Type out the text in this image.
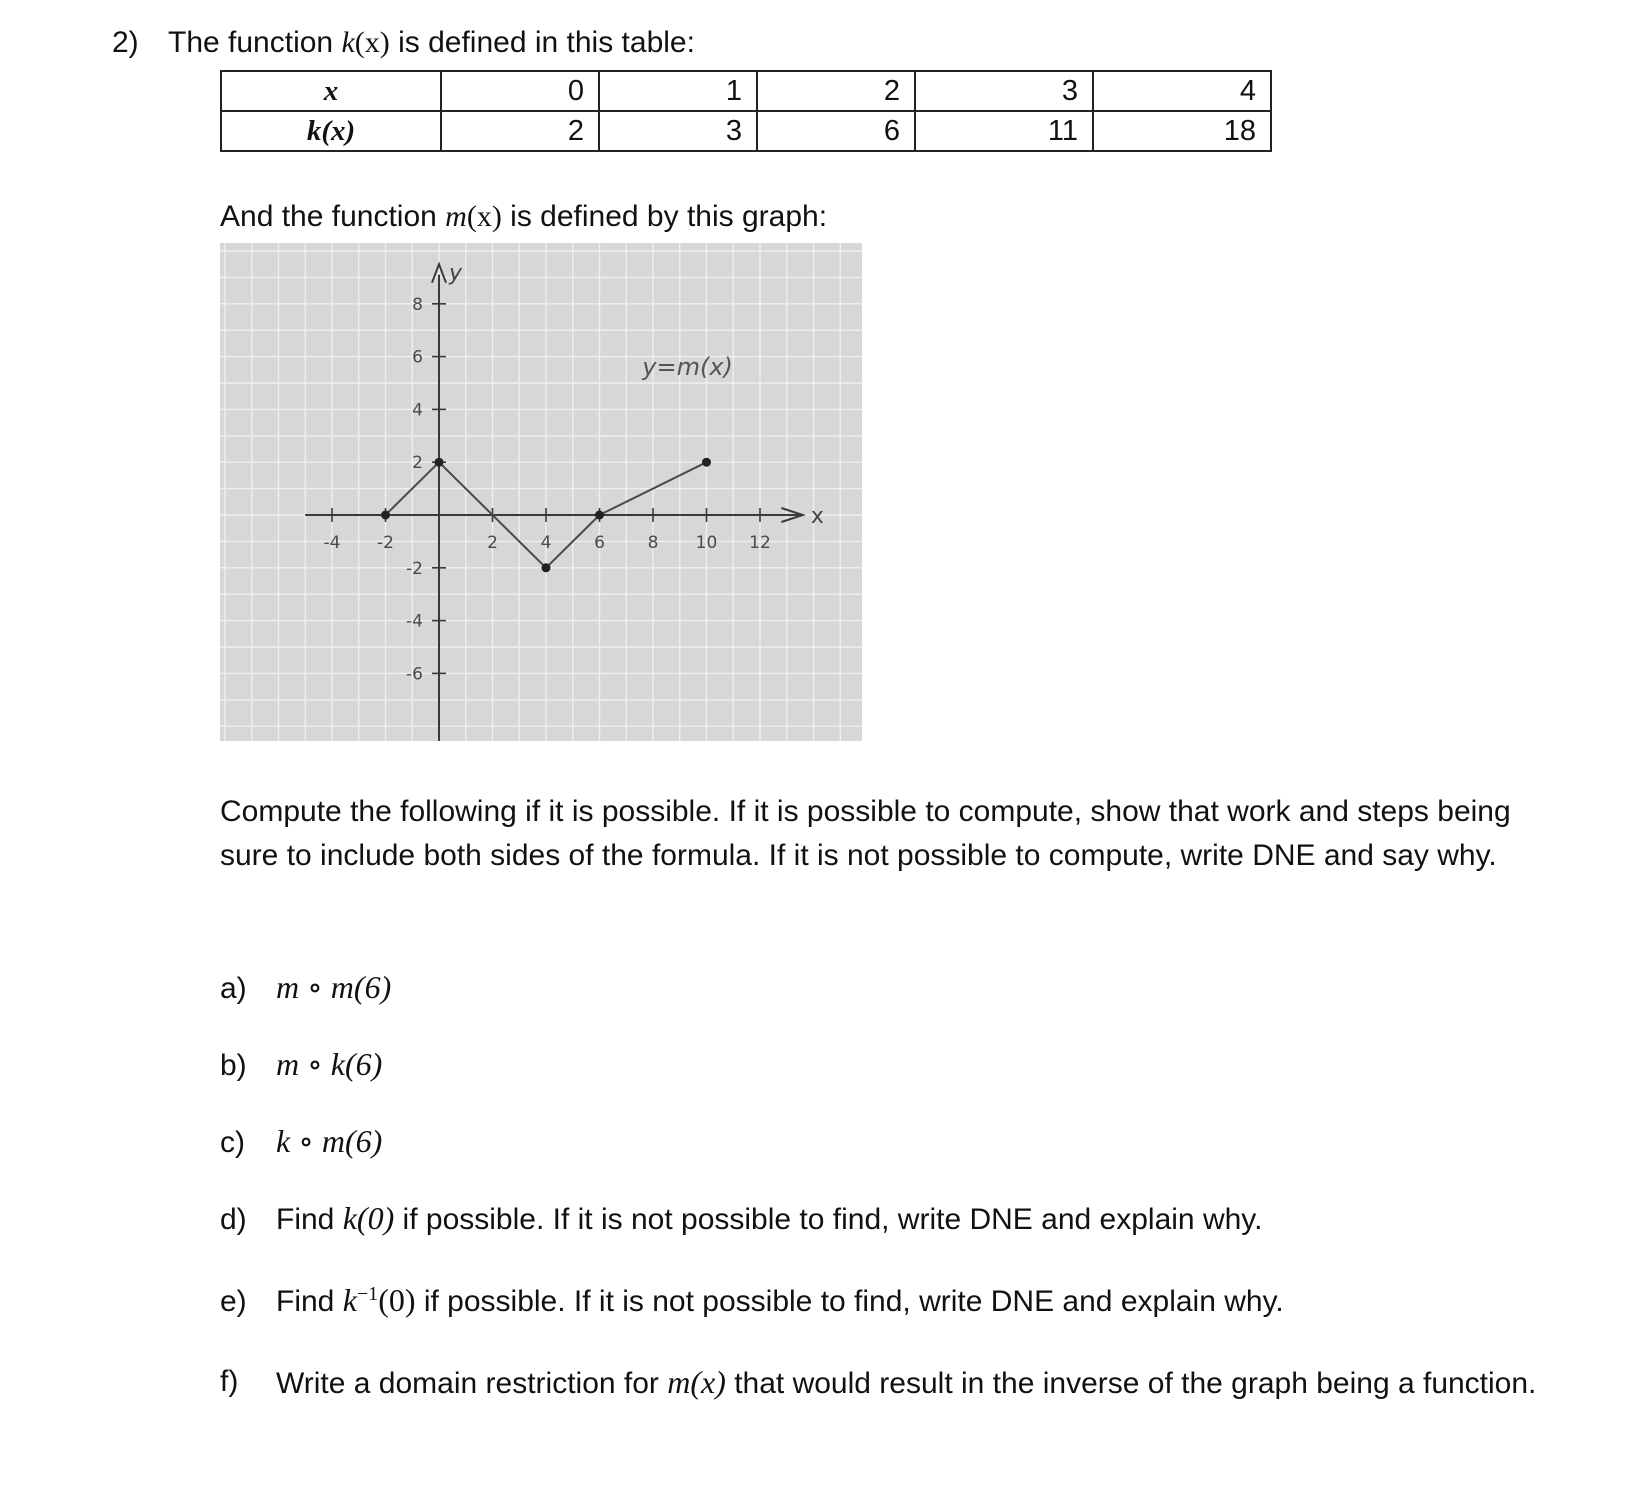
2) The function k(x) is defined in this table:
x	0	1	2	3	4
k(x)	2	3	6	11	18
And the function m(x) is defined by this graph:
-4 -2	2	4	6	8 10 12
8
6
4
2
-2
-4
-6
y=m(x)
x
y
Compute the following if it is possible. If it is possible to compute, show that work and steps being sure to include both sides of the formula. If it is not possible to compute, write DNE and say why.
a) m ∘ m(6)
b) m ∘ k(6)
c) k ∘ m(6)
d) Find k(0) if possible. If it is not possible to find, write DNE and explain why.
e) Find $k^{-1}(0)$ if possible. If it is not possible to find, write DNE and explain why.
f)	Write a domain restriction for m(x) that would result in the inverse of the graph being a function.
